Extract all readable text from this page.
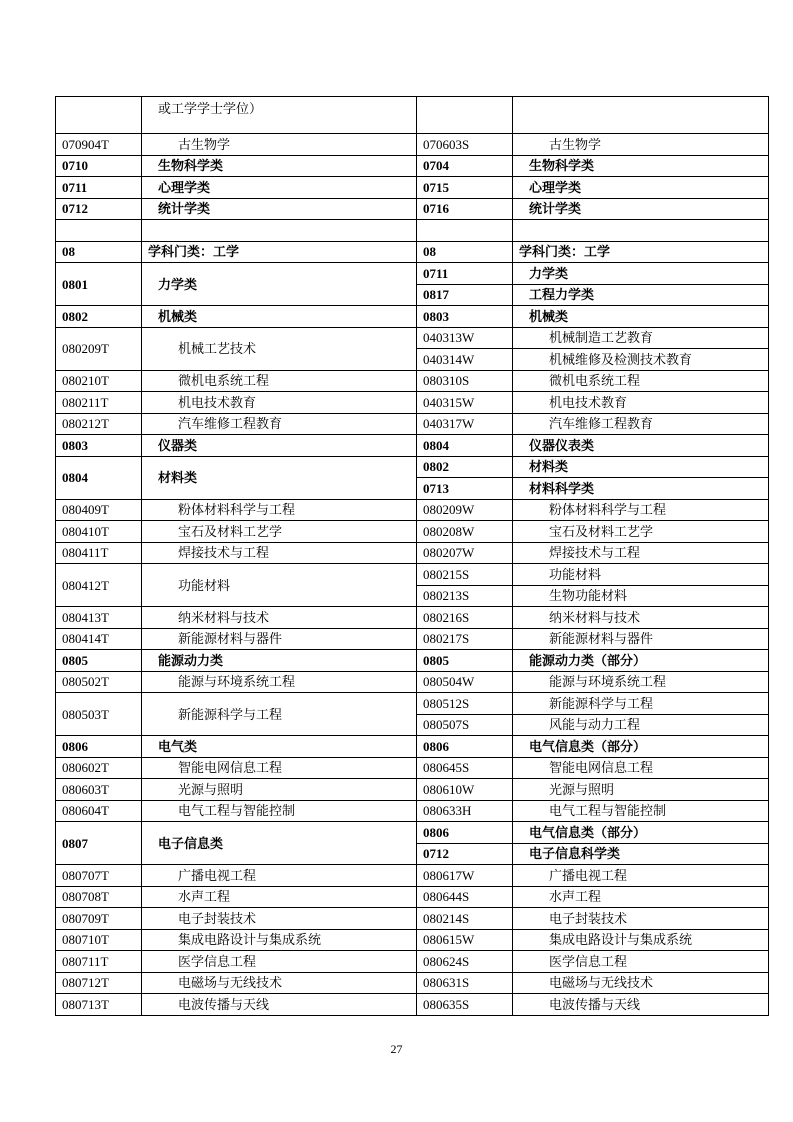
	或工学学士学位）		
070904T	古生物学	070603S	古生物学
0710	生物科学类	0704	生物科学类
0711	心理学类	0715	心理学类
0712	统计学类	0716	统计学类

08	学科门类：工学	08	学科门类：工学
0801	力学类	0711	力学类
		0817	工程力学类
0802	机械类	0803	机械类
080209T	机械工艺技术	040313W	机械制造工艺教育
		040314W	机械维修及检测技术教育
080210T	微机电系统工程	080310S	微机电系统工程
080211T	机电技术教育	040315W	机电技术教育
080212T	汽车维修工程教育	040317W	汽车维修工程教育
0803	仪器类	0804	仪器仪表类
0804	材料类	0802	材料类
		0713	材料科学类
080409T	粉体材料科学与工程	080209W	粉体材料科学与工程
080410T	宝石及材料工艺学	080208W	宝石及材料工艺学
080411T	焊接技术与工程	080207W	焊接技术与工程
080412T	功能材料	080215S	功能材料
		080213S	生物功能材料
080413T	纳米材料与技术	080216S	纳米材料与技术
080414T	新能源材料与器件	080217S	新能源材料与器件
0805	能源动力类	0805	能源动力类（部分）
080502T	能源与环境系统工程	080504W	能源与环境系统工程
080503T	新能源科学与工程	080512S	新能源科学与工程
		080507S	风能与动力工程
0806	电气类	0806	电气信息类（部分）
080602T	智能电网信息工程	080645S	智能电网信息工程
080603T	光源与照明	080610W	光源与照明
080604T	电气工程与智能控制	080633H	电气工程与智能控制
0807	电子信息类	0806	电气信息类（部分）
		0712	电子信息科学类
080707T	广播电视工程	080617W	广播电视工程
080708T	水声工程	080644S	水声工程
080709T	电子封装技术	080214S	电子封装技术
080710T	集成电路设计与集成系统	080615W	集成电路设计与集成系统
080711T	医学信息工程	080624S	医学信息工程
080712T	电磁场与无线技术	080631S	电磁场与无线技术
080713T	电波传播与天线	080635S	电波传播与天线
27
